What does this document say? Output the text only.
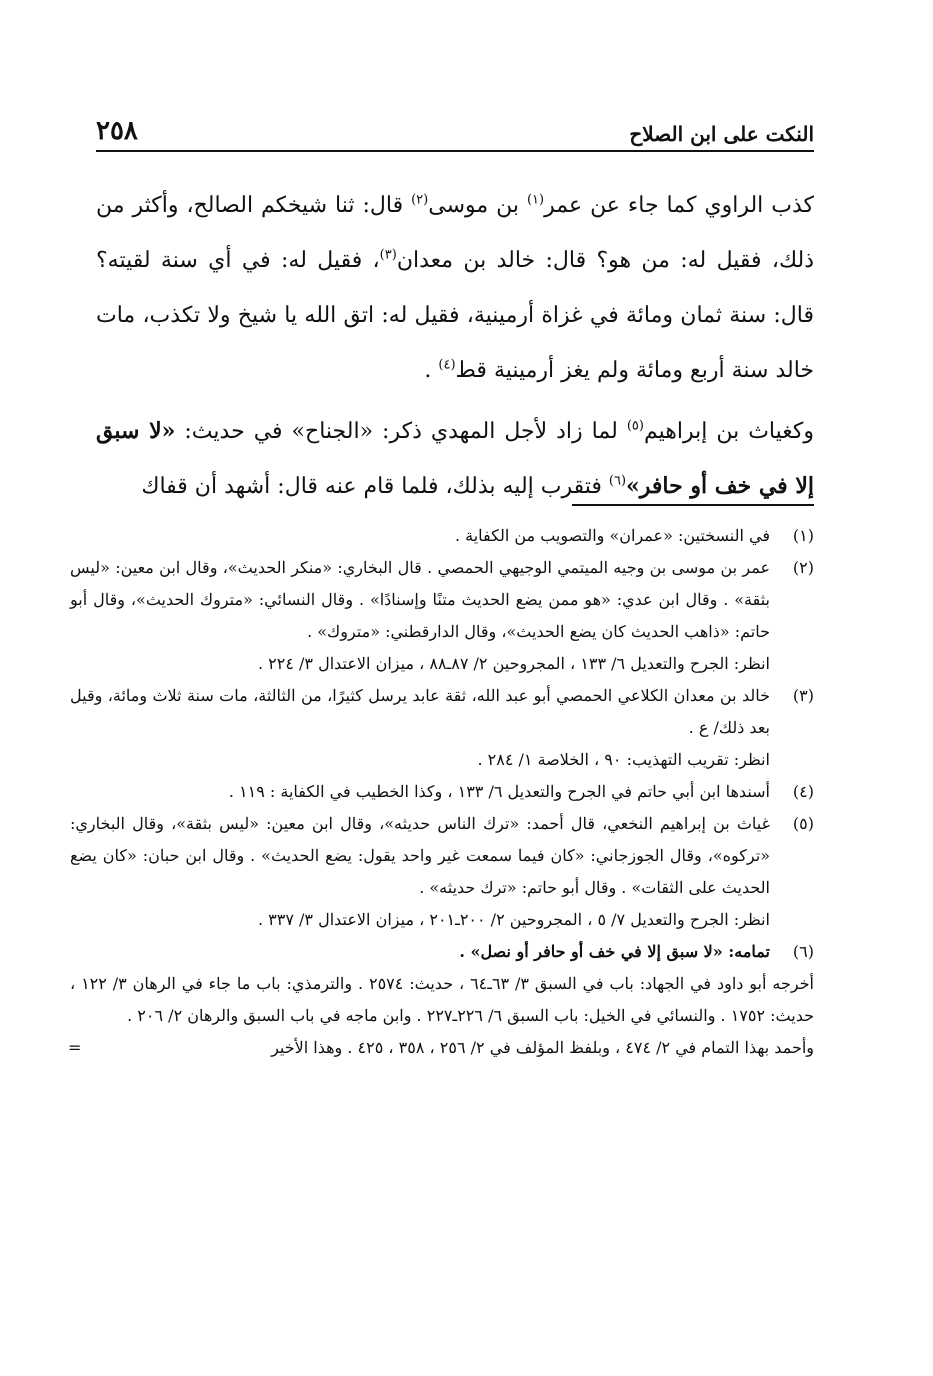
النكت على ابن الصلاح
٢٥٨

كذب الراوي كما جاء عن عمر$^{(١)}$ بن موسى$^{(٢)}$ قال: ثنا شيخكم الصالح، وأكثر من ذلك، فقيل له: من هو؟ قال: خالد بن معدان$^{(٣)}$، فقيل له: في أي سنة لقيته؟ قال: سنة ثمان ومائة في غزاة أرمينية، فقيل له: اتق الله يا شيخ ولا تكذب، مات خالد سنة أربع ومائة ولم يغز أرمينية قط$^{(٤)}$ .

وكغياث بن إبراهيم$^{(٥)}$ لما زاد لأجل المهدي ذكر: «الجناح» في حديث: «لا سبق إلا في خف أو حافر»$^{(٦)}$ فتقرب إليه بذلك، فلما قام عنه قال: أشهد أن قفاك

(١)
في النسختين: «عمران» والتصويب من الكفاية .
(٢)
عمر بن موسى بن وجيه الميتمي الوجيهي الحمصي . قال البخاري: «منكر الحديث»، وقال ابن معين: «ليس بثقة» . وقال ابن عدي: «هو ممن يضع الحديث متنًا وإسنادًا» . وقال النسائي: «متروك الحديث»، وقال أبو حاتم: «ذاهب الحديث كان يضع الحديث»، وقال الدارقطني: «متروك» .
انظر: الجرح والتعديل ٦/ ١٣٣ ، المجروحين ٢/ ٨٧ـ٨٨ ، ميزان الاعتدال ٣/ ٢٢٤ .
(٣)
خالد بن معدان الكلاعي الحمصي أبو عبد الله، ثقة عابد يرسل كثيرًا، من الثالثة، مات سنة ثلاث ومائة، وقيل بعد ذلك/ ع .
انظر: تقريب التهذيب: ٩٠ ، الخلاصة ١/ ٢٨٤ .
(٤)
أسندها ابن أبي حاتم في الجرح والتعديل ٦/ ١٣٣ ، وكذا الخطيب في الكفاية : ١١٩ .
(٥)
غياث بن إبراهيم النخعي، قال أحمد: «ترك الناس حديثه»، وقال ابن معين: «ليس بثقة»، وقال البخاري: «تركوه»، وقال الجوزجاني: «كان فيما سمعت غير واحد يقول: يضع الحديث» . وقال ابن حبان: «كان يضع الحديث على الثقات» . وقال أبو حاتم: «ترك حديثه» .
انظر: الجرح والتعديل ٧/ ٥ ، المجروحين ٢/ ٢٠٠ـ٢٠١ ، ميزان الاعتدال ٣/ ٣٣٧ .
(٦)
تمامه: «لا سبق إلا في خف أو حافر أو نصل» .
أخرجه أبو داود في الجهاد: باب في السبق ٣/ ٦٣ـ٦٤ ، حديث: ٢٥٧٤ . والترمذي: باب ما جاء في الرهان ٣/ ١٢٢ ، حديث: ١٧٥٢ . والنسائي في الخيل: باب السبق ٦/ ٢٢٦ـ٢٢٧ . وابن ماجه في باب السبق والرهان ٢/ ٢٠٦ .
وأحمد بهذا التمام في ٢/ ٤٧٤ ، وبلفظ المؤلف في ٢/ ٢٥٦ ، ٣٥٨ ، ٤٢٥ . وهذا الأخير
=
